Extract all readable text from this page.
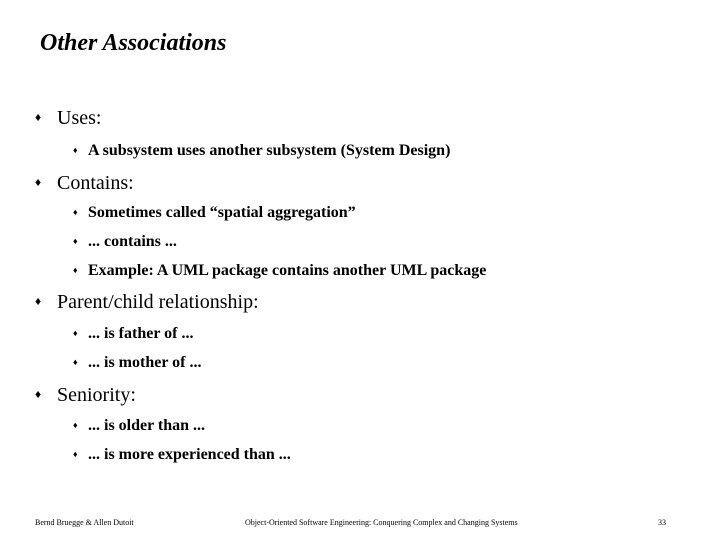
Other Associations
♦ Uses:
♦ A subsystem uses another subsystem (System Design)
♦ Contains:
♦ Sometimes called “spatial aggregation”
♦ ... contains ...
♦ Example: A UML package contains another UML package
♦ Parent/child relationship:
♦ ... is father of ...
♦ ... is mother of ...
♦ Seniority:
♦ ... is older than ...
♦ ... is more experienced than ...
Bernd Bruegge & Allen Dutoit	Object-Oriented Software Engineering: Conquering Complex and Changing Systems	33
